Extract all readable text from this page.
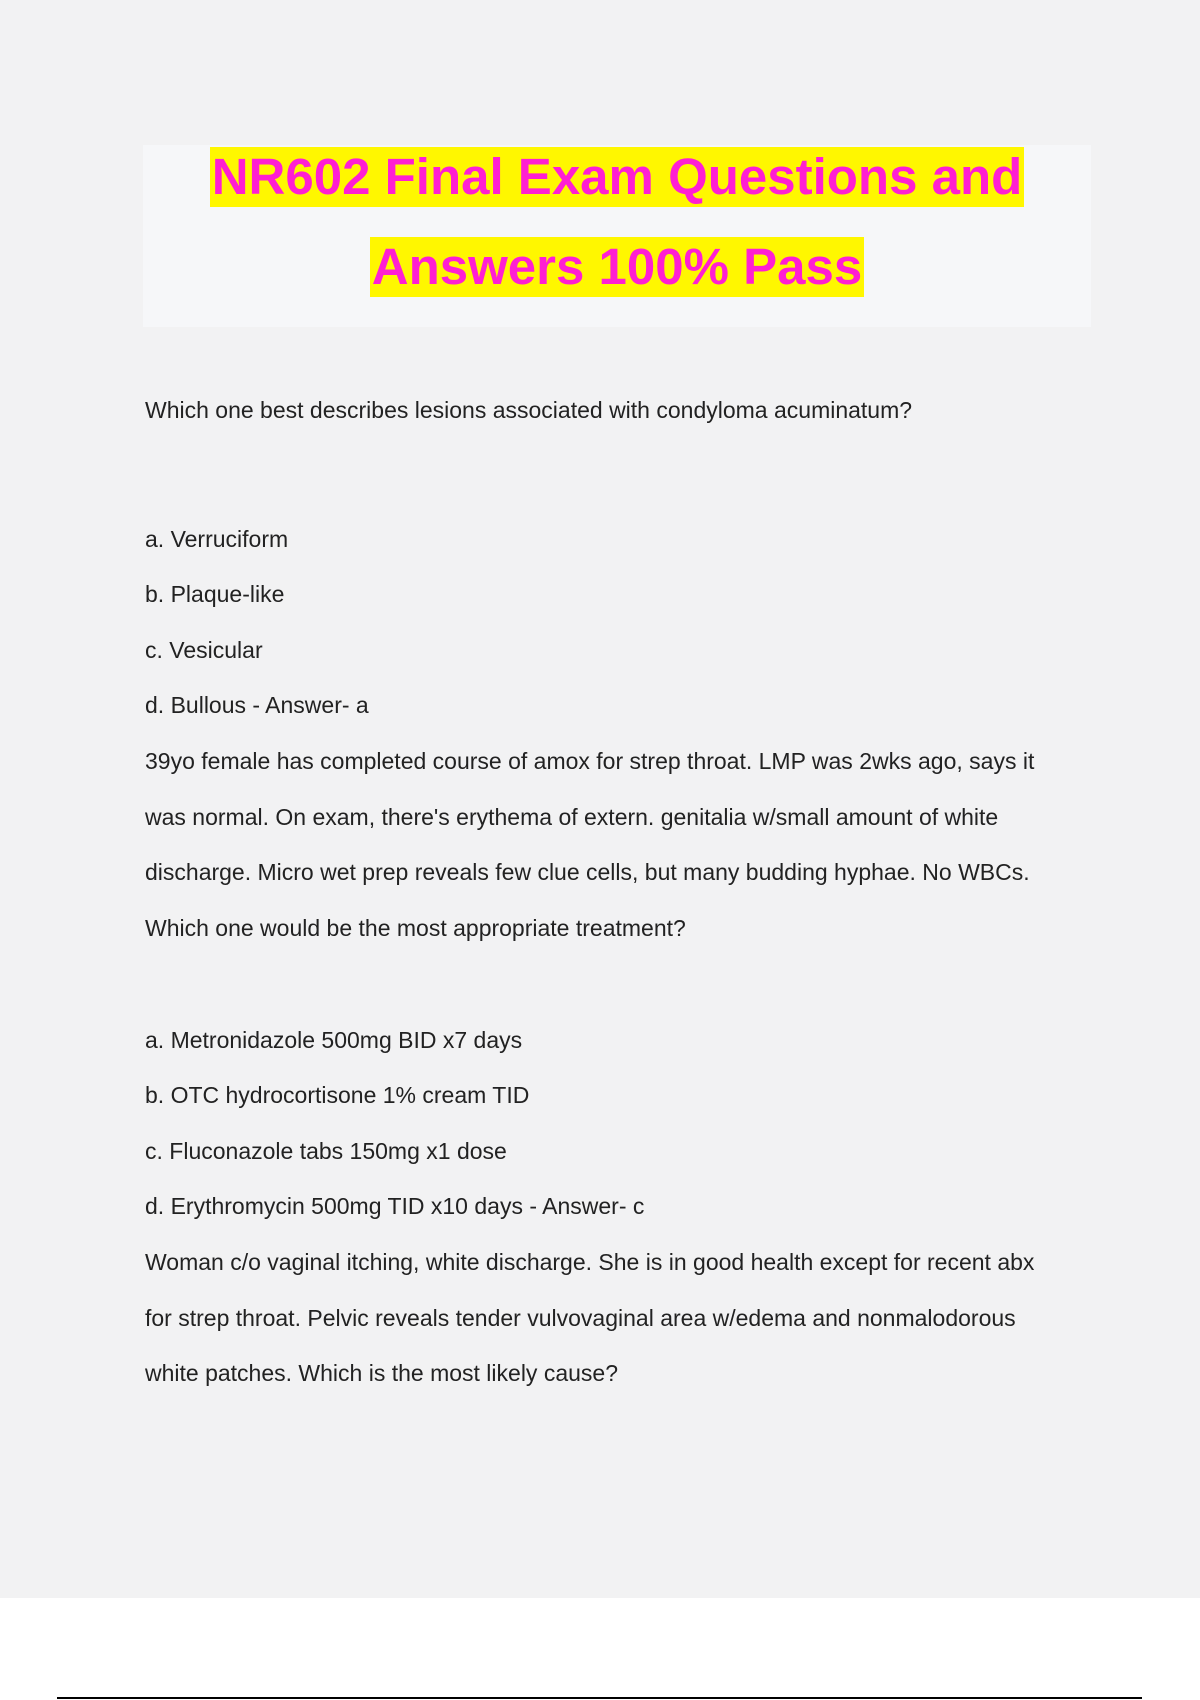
NR602 Final Exam Questions and
Answers 100% Pass
Which one best describes lesions associated with condyloma acuminatum?
a. Verruciform
b. Plaque-like
c. Vesicular
d. Bullous - Answer- a
39yo female has completed course of amox for strep throat. LMP was 2wks ago, says it
was normal. On exam, there's erythema of extern. genitalia w/small amount of white
discharge. Micro wet prep reveals few clue cells, but many budding hyphae. No WBCs.
Which one would be the most appropriate treatment?
a. Metronidazole 500mg BID x7 days
b. OTC hydrocortisone 1% cream TID
c. Fluconazole tabs 150mg x1 dose
d. Erythromycin 500mg TID x10 days - Answer- c
Woman c/o vaginal itching, white discharge. She is in good health except for recent abx
for strep throat. Pelvic reveals tender vulvovaginal area w/edema and nonmalodorous
white patches. Which is the most likely cause?
